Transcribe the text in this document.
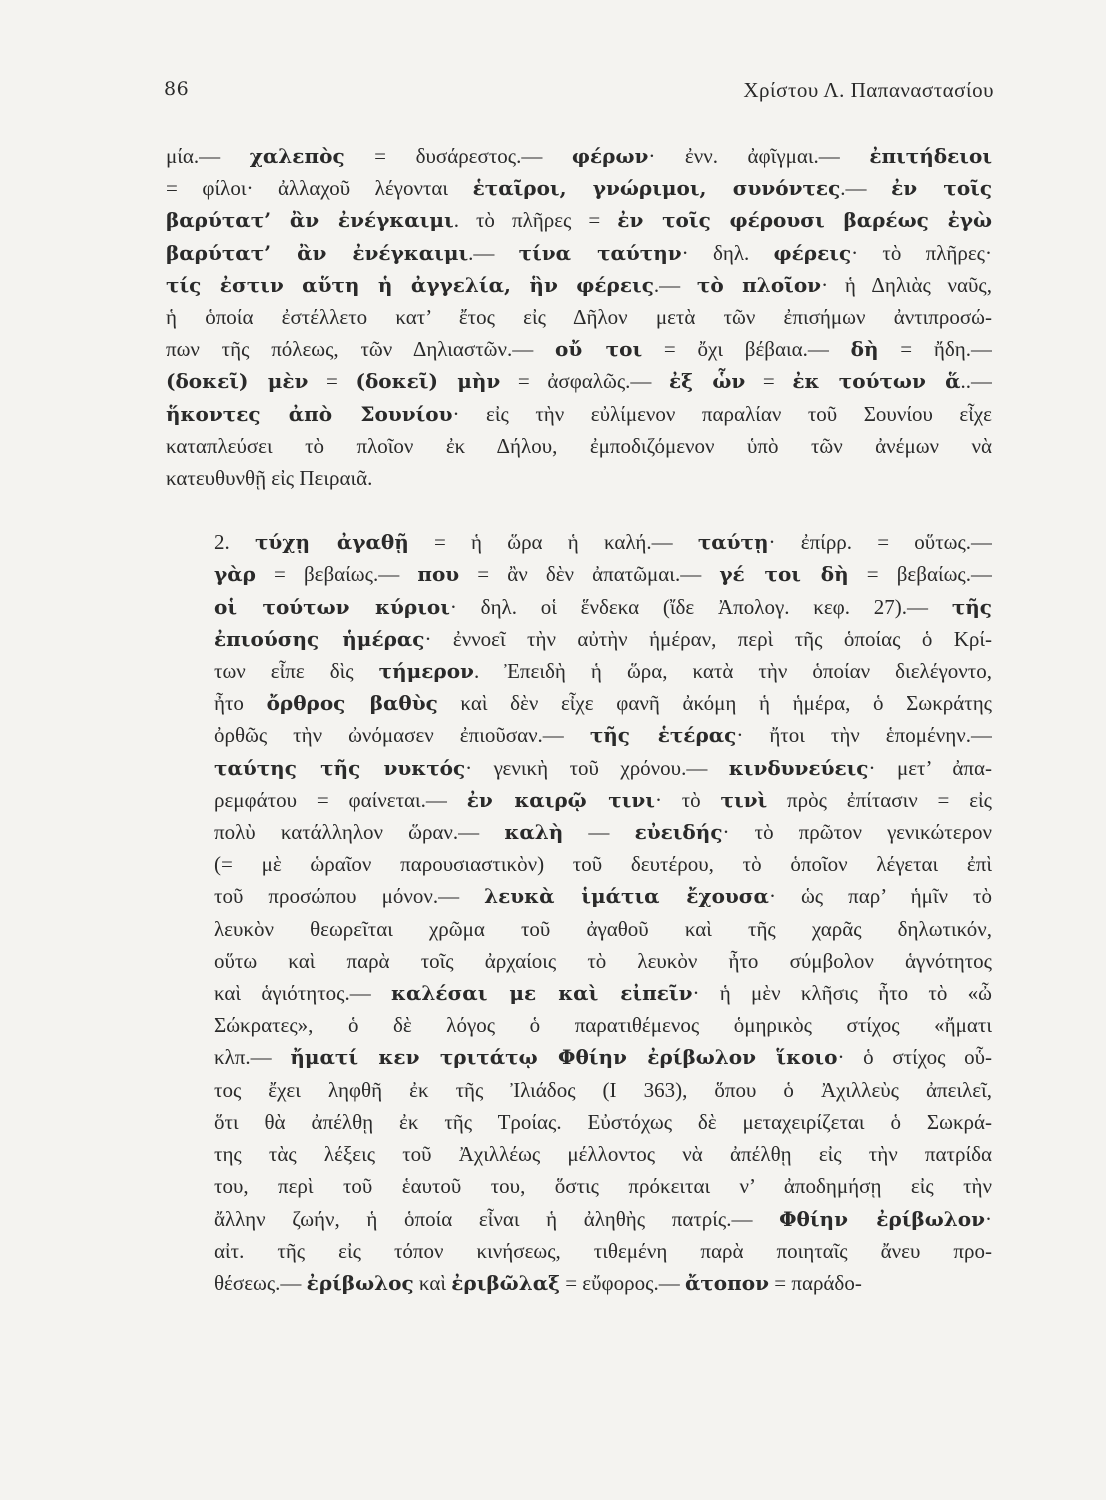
86	Χρίστου Λ. Παπαναστασίου

μία.— χαλεπὸς = δυσάρεστος.— φέρων· ἐνν. ἀφῖγμαι.— ἐπιτήδειοι
= φίλοι· ἀλλαχοῦ λέγονται ἑταῖροι, γνώριμοι, συνόντες.— ἐν τοῖς
βαρύτατ’ ἂν ἐνέγκαιμι. τὸ πλῆρες = ἐν τοῖς φέρουσι βαρέως ἐγὼ
βαρύτατ’ ἂν ἐνέγκαιμι.— τίνα ταύτην· δηλ. φέρεις· τὸ πλῆρες·
τίς ἐστιν αὕτη ἡ ἀγγελία, ἣν φέρεις.— τὸ πλοῖον· ἡ Δηλιὰς ναῦς,
ἡ ὁποία ἐστέλλετο κατ’ ἔτος εἰς Δῆλον μετὰ τῶν ἐπισήμων ἀντιπροσώ-
πων τῆς πόλεως, τῶν Δηλιαστῶν.— οὔ τοι = ὄχι βέβαια.— δὴ = ἤδη.—
(δοκεῖ) μὲν = (δοκεῖ) μὴν = ἀσφαλῶς.— ἐξ ὧν = ἐκ τούτων ἅ..—
ἥκοντες ἀπὸ Σουνίου· εἰς τὴν εὐλίμενον παραλίαν τοῦ Σουνίου εἶχε
καταπλεύσει τὸ πλοῖον ἐκ Δήλου, ἐμποδιζόμενον ὑπὸ τῶν ἀνέμων νὰ
κατευθυνθῇ εἰς Πειραιᾶ.

2. τύχῃ ἀγαθῇ = ἡ ὥρα ἡ καλή.— ταύτῃ· ἐπίρρ. = οὕτως.—
γὰρ = βεβαίως.— που = ἂν δὲν ἀπατῶμαι.— γέ τοι δὴ = βεβαίως.—
οἱ τούτων κύριοι· δηλ. οἱ ἕνδεκα (ἴδε Ἀπολογ. κεφ. 27).— τῆς
ἐπιούσης ἡμέρας· ἐννοεῖ τὴν αὐτὴν ἡμέραν, περὶ τῆς ὁποίας ὁ Κρί-
των εἶπε δὶς τήμερον. Ἐπειδὴ ἡ ὥρα, κατὰ τὴν ὁποίαν διελέγοντο,
ἦτο ὄρθρος βαθὺς καὶ δὲν εἶχε φανῆ ἀκόμη ἡ ἡμέρα, ὁ Σωκράτης
ὀρθῶς τὴν ὠνόμασεν ἐπιοῦσαν.— τῆς ἑτέρας· ἤτοι τὴν ἑπομένην.—
ταύτης τῆς νυκτός· γενικὴ τοῦ χρόνου.— κινδυνεύεις· μετ’ ἀπα-
ρεμφάτου = φαίνεται.— ἐν καιρῷ τινι· τὸ τινὶ πρὸς ἐπίτασιν = εἰς
πολὺ κατάλληλον ὥραν.— καλὴ — εὐειδής· τὸ πρῶτον γενικώτερον
(= μὲ ὡραῖον παρουσιαστικὸν) τοῦ δευτέρου, τὸ ὁποῖον λέγεται ἐπὶ
τοῦ προσώπου μόνον.— λευκὰ ἱμάτια ἔχουσα· ὡς παρ’ ἡμῖν τὸ
λευκὸν θεωρεῖται χρῶμα τοῦ ἀγαθοῦ καὶ τῆς χαρᾶς δηλωτικόν,
οὕτω καὶ παρὰ τοῖς ἀρχαίοις τὸ λευκὸν ἦτο σύμβολον ἁγνότητος
καὶ ἁγιότητος.— καλέσαι με καὶ εἰπεῖν· ἡ μὲν κλῆσις ἦτο τὸ «ὦ
Σώκρατες», ὁ δὲ λόγος ὁ παρατιθέμενος ὁμηρικὸς στίχος «ἤματι
κλπ.— ἤματί κεν τριτάτῳ Φθίην ἐρίβωλον ἵκοιο· ὁ στίχος οὗ-
τος ἔχει ληφθῆ ἐκ τῆς Ἰλιάδος (Ι 363), ὅπου ὁ Ἀχιλλεὺς ἀπειλεῖ,
ὅτι θὰ ἀπέλθῃ ἐκ τῆς Τροίας. Εὐστόχως δὲ μεταχειρίζεται ὁ Σωκρά-
της τὰς λέξεις τοῦ Ἀχιλλέως μέλλοντος νὰ ἀπέλθῃ εἰς τὴν πατρίδα
του, περὶ τοῦ ἑαυτοῦ του, ὅστις πρόκειται ν’ ἀποδημήσῃ εἰς τὴν
ἄλλην ζωήν, ἡ ὁποία εἶναι ἡ ἀληθὴς πατρίς.— Φθίην ἐρίβωλον·
αἰτ. τῆς εἰς τόπον κινήσεως, τιθεμένη παρὰ ποιηταῖς ἄνευ προ-
θέσεως.— ἐρίβωλος καὶ ἐριβῶλαξ = εὔφορος.— ἄτοπον = παράδο-
